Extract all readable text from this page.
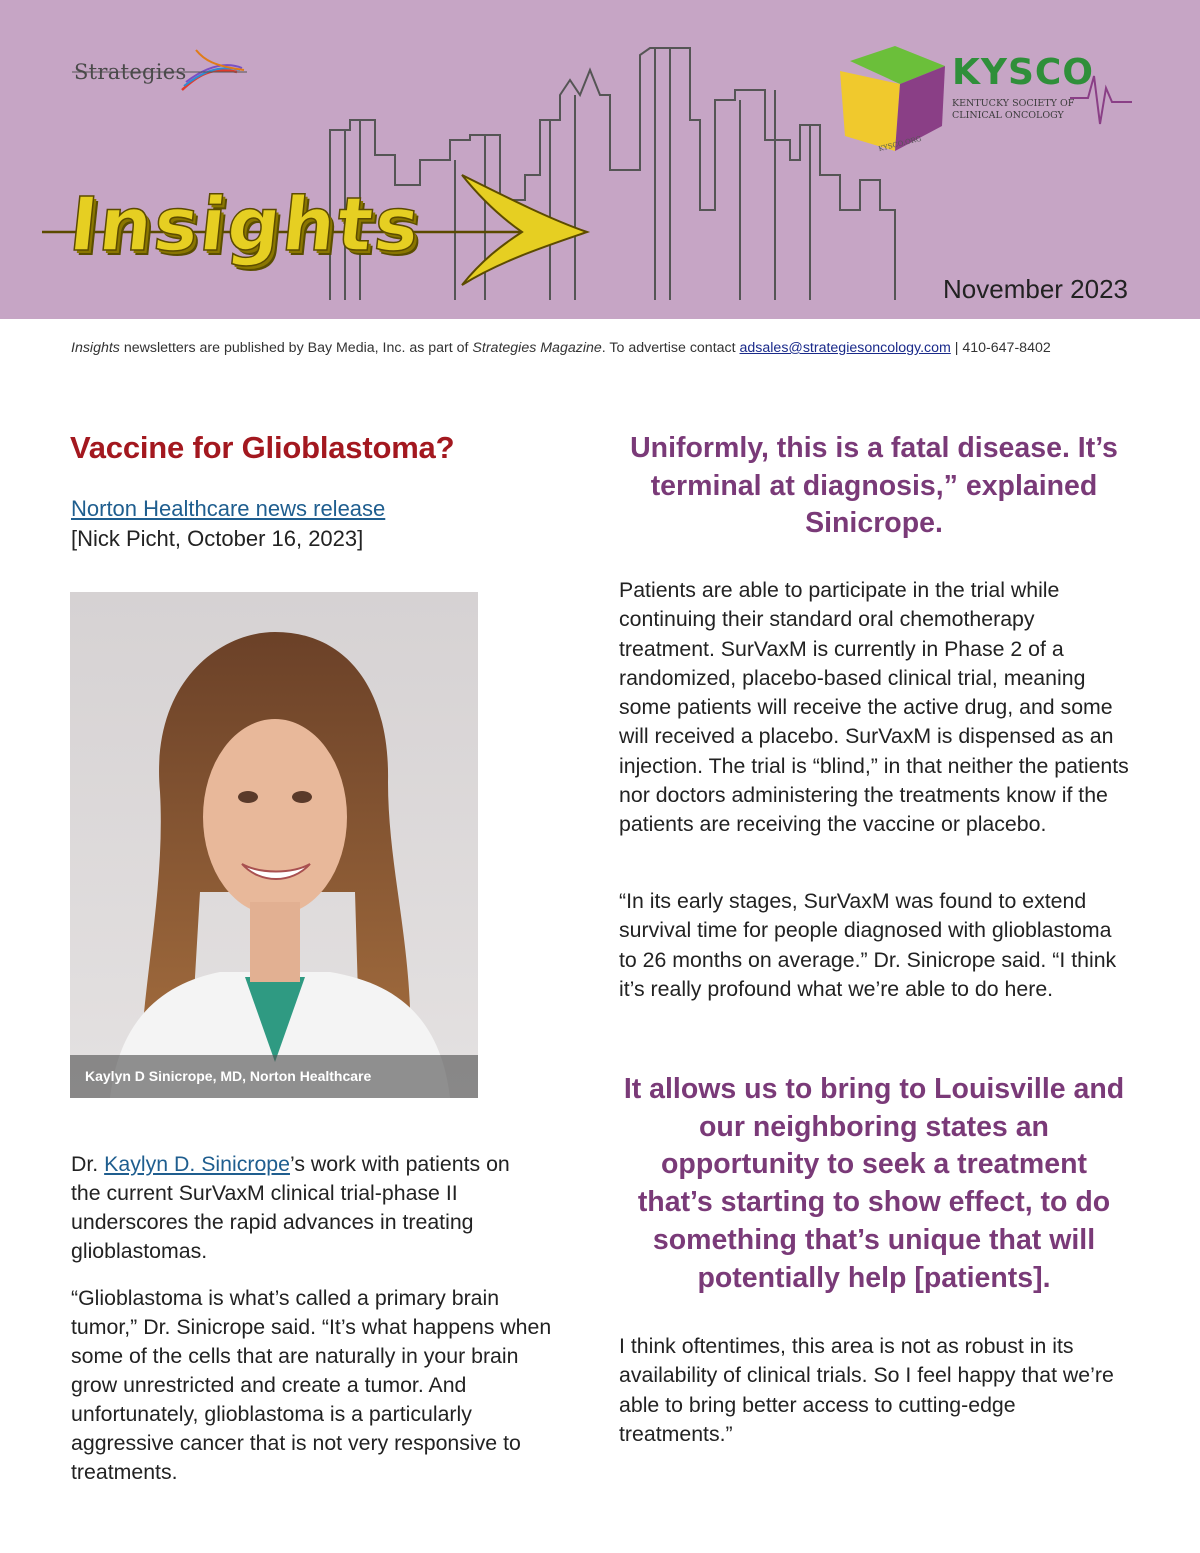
Strategies
Insights
KYSCO
KENTUCKY SOCIETY OF CLINICAL ONCOLOGY
KYSCO.ORG
November 2023
Insights newsletters are published by Bay Media, Inc. as part of Strategies Magazine. To advertise contact adsales@strategiesoncology.com | 410-647-8402
Vaccine for Glioblastoma?
Norton Healthcare news release
[Nick Picht, October 16, 2023]
Kaylyn D Sinicrope, MD, Norton Healthcare

Dr. Kaylyn D. Sinicrope’s work with patients on the current SurVaxM clinical trial-phase II underscores the rapid advances in treating glioblastomas.

“Glioblastoma is what’s called a primary brain tumor,” Dr. Sinicrope said. “It’s what happens when some of the cells that are naturally in your brain grow unrestricted and create a tumor. And unfortunately, glioblastoma is a particularly aggressive cancer that is not very responsive to treatments.

Uniformly, this is a fatal disease. It’s terminal at diagnosis,” explained Sinicrope.

Patients are able to participate in the trial while continuing their standard oral chemotherapy treatment. SurVaxM is currently in Phase 2 of a randomized, placebo-based clinical trial, meaning some patients will receive the active drug, and some will received a placebo. SurVaxM is dispensed as an injection. The trial is “blind,” in that neither the patients nor doctors administering the treatments know if the patients are receiving the vaccine or placebo.

“In its early stages, SurVaxM was found to extend survival time for people diagnosed with glioblastoma to 26 months on average.” Dr. Sinicrope said. “I think it’s really profound what we’re able to do here.

It allows us to bring to Louisville and our neighboring states an opportunity to seek a treatment that’s starting to show effect, to do something that’s unique that will potentially help [patients].

I think oftentimes, this area is not as robust in its availability of clinical trials. So I feel happy that we’re able to bring better access to cutting-edge treatments.”
